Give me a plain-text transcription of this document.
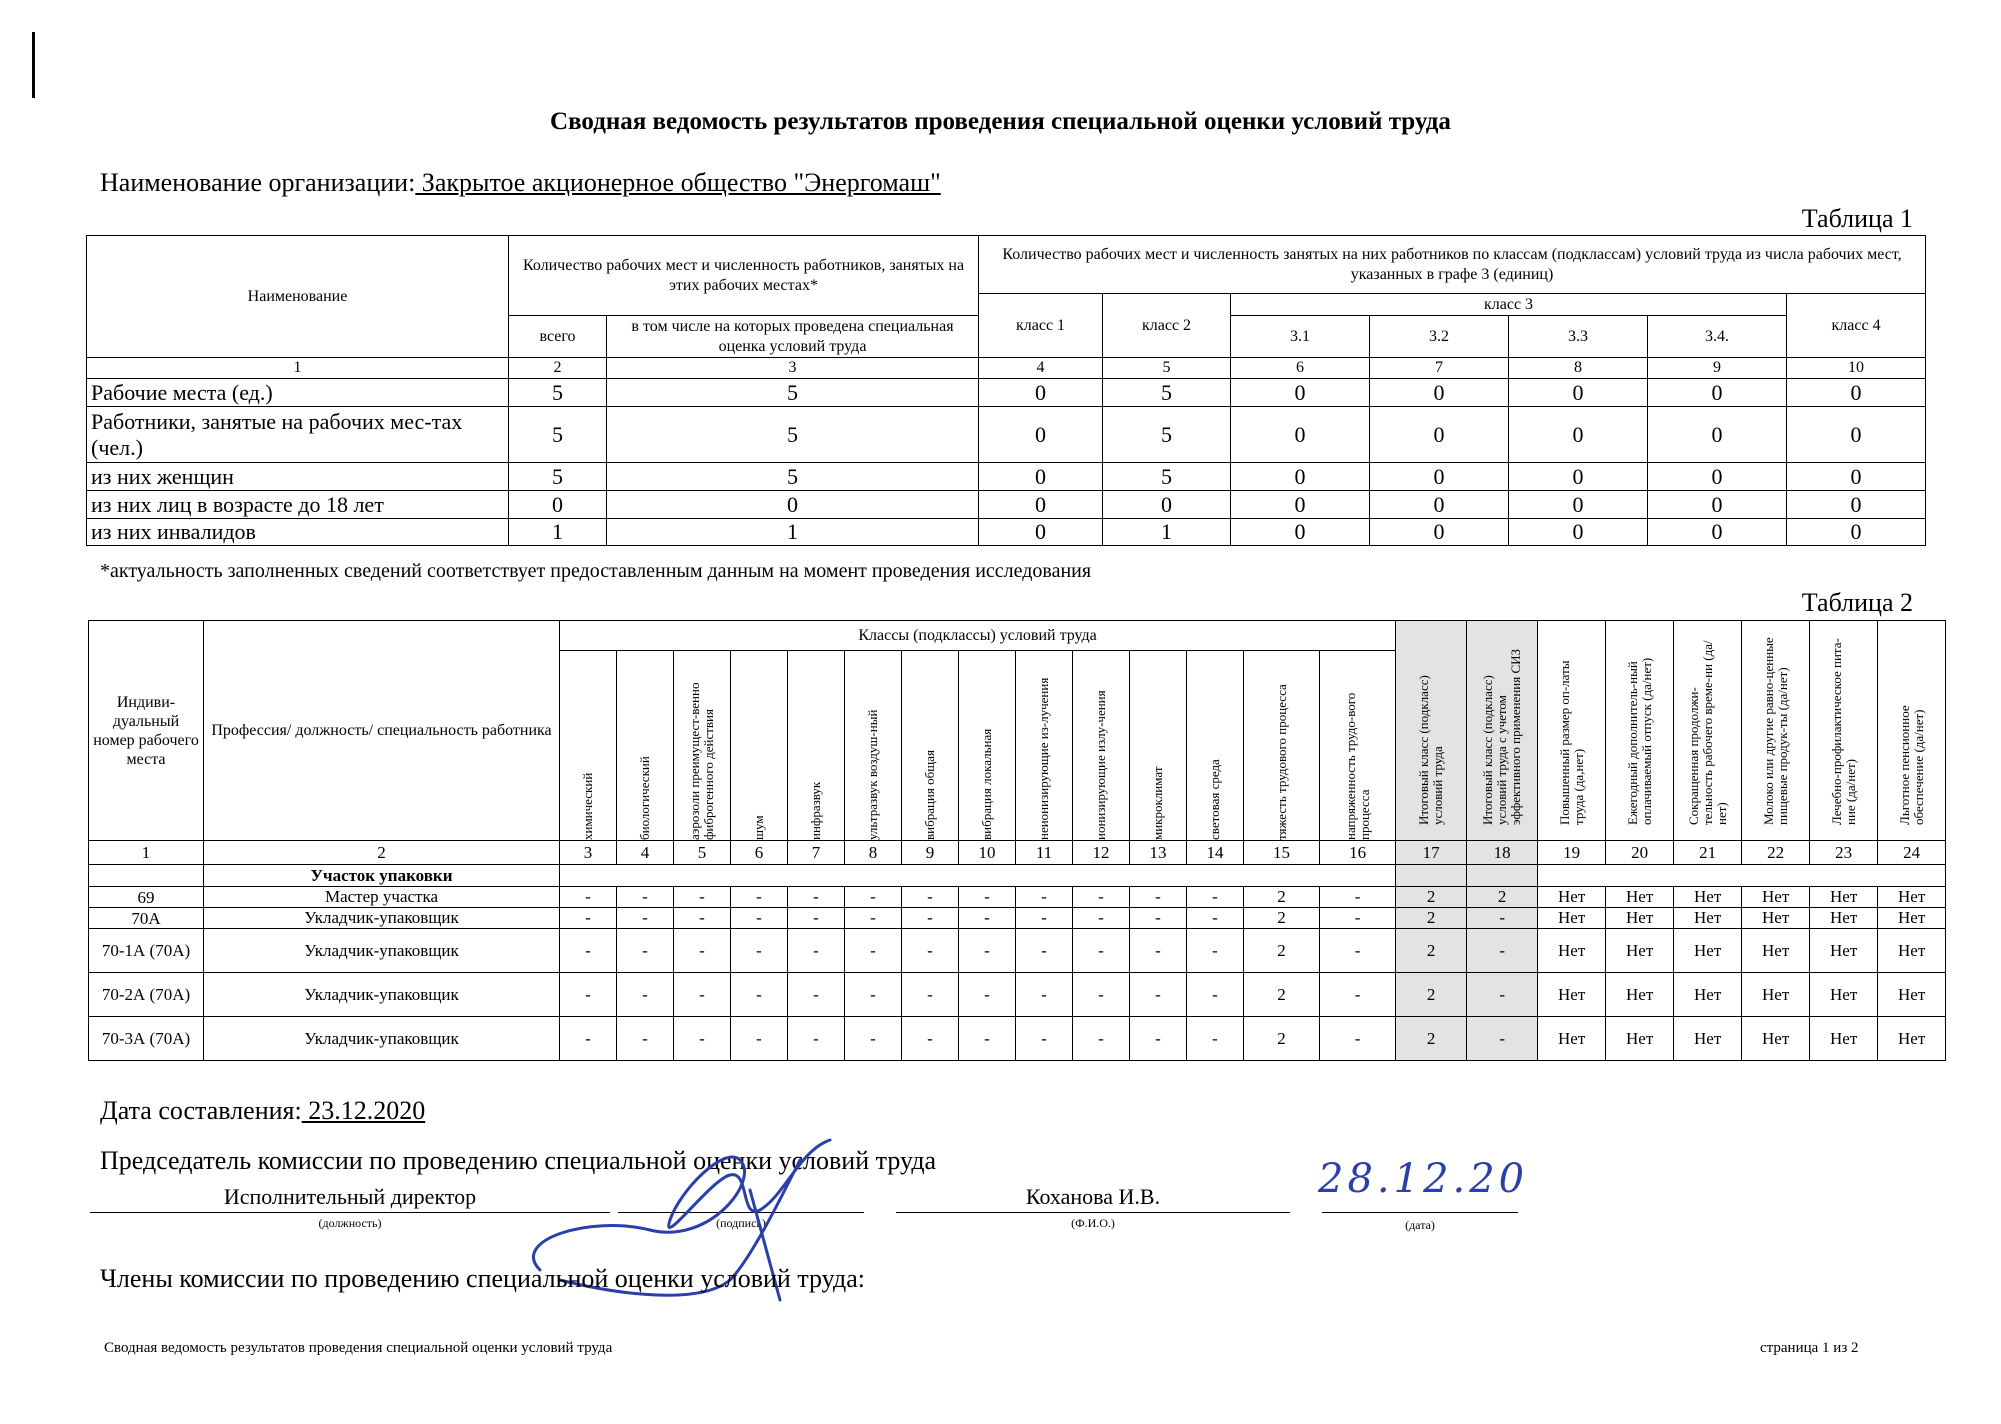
Сводная ведомость результатов проведения специальной оценки условий труда
Наименование организации: Закрытое акционерное общество "Энергомаш"
Таблица 1
Наименование	Количество рабочих мест и численность работников, занятых на этих рабочих местах*		Количество рабочих мест и численность занятых на них работников по классам (подклассам) условий труда из числа рабочих мест, указанных в графе 3 (единиц)						
			класс 1	класс 2	класс 3				класс 4
	всего	в том числе на которых проведена специальная оценка условий труда			3.1	3.2	3.3	3.4.	
1	2	3	4	5	6	7	8	9	10
Рабочие места (ед.)	5	5	0	5	0	0	0	0	0
Работники, занятые на рабочих мес-тах (чел.)	5	5	0	5	0	0	0	0	0
из них женщин	5	5	0	5	0	0	0	0	0
из них лиц в возрасте до 18 лет	0	0	0	0	0	0	0	0	0
из них инвалидов	1	1	0	1	0	0	0	0	0
*актуальность заполненных сведений соответствует предоставленным данным на момент проведения исследования
Таблица 2
Индиви-дуальный номер рабочего места	Профессия/ должность/ специальность работника	Классы (подклассы) условий труда														Итоговый класс (подкласс) условий труда	Итоговый класс (подкласс) условий труда с учетом эффективного применения СИЗ	Повышенный размер оп-латы труда (да,нет)	Ежегодный дополнитель-ный оплачиваемый отпуск (да/нет)	Сокращенная продолжи-тельность рабочего време-ни (да/нет)	Молоко или другие равно-ценные пищевые продук-ты (да/нет)	Лечебно-профилактическое пита-ние (да/нет)	Льготное пенсионное обеспечение (да/нет)

		химический	биологический	аэрозоли преимущест-венно фиброгенного действия	шум	инфразвук	ультразвук воздуш-ный	вибрация общая	вибрация локальная	неионизирующие из-лучения	ионизирующие излу-чения	микроклимат	световая среда	тяжесть трудового процесса	напряженность трудо-вого процесса								

1	2	3	4	5	6	7	8	9	10	11	12	13	14	15	16	17	18	19	20	21	22	23	24
	Участок упаковки																						
69	Мастер участка	-	-	-	-	-	-	-	-	-	-	-	-	2	-	2	2	Нет	Нет	Нет	Нет	Нет	Нет
70А	Укладчик-упаковщик	-	-	-	-	-	-	-	-	-	-	-	-	2	-	2	-	Нет	Нет	Нет	Нет	Нет	Нет
70-1А (70А)	Укладчик-упаковщик	-	-	-	-	-	-	-	-	-	-	-	-	2	-	2	-	Нет	Нет	Нет	Нет	Нет	Нет
70-2А (70А)	Укладчик-упаковщик	-	-	-	-	-	-	-	-	-	-	-	-	2	-	2	-	Нет	Нет	Нет	Нет	Нет	Нет
70-3А (70А)	Укладчик-упаковщик	-	-	-	-	-	-	-	-	-	-	-	-	2	-	2	-	Нет	Нет	Нет	Нет	Нет	Нет
Дата составления: 23.12.2020
Председатель комиссии по проведению специальной оценки условий труда
Исполнительный директор
(должность)	(подпись)
Коханова И.В.
(Ф.И.О.)	(дата)
28.12.20
Члены комиссии по проведению специальной оценки условий труда:
Сводная ведомость результатов проведения специальной оценки условий труда	страница 1 из 2
